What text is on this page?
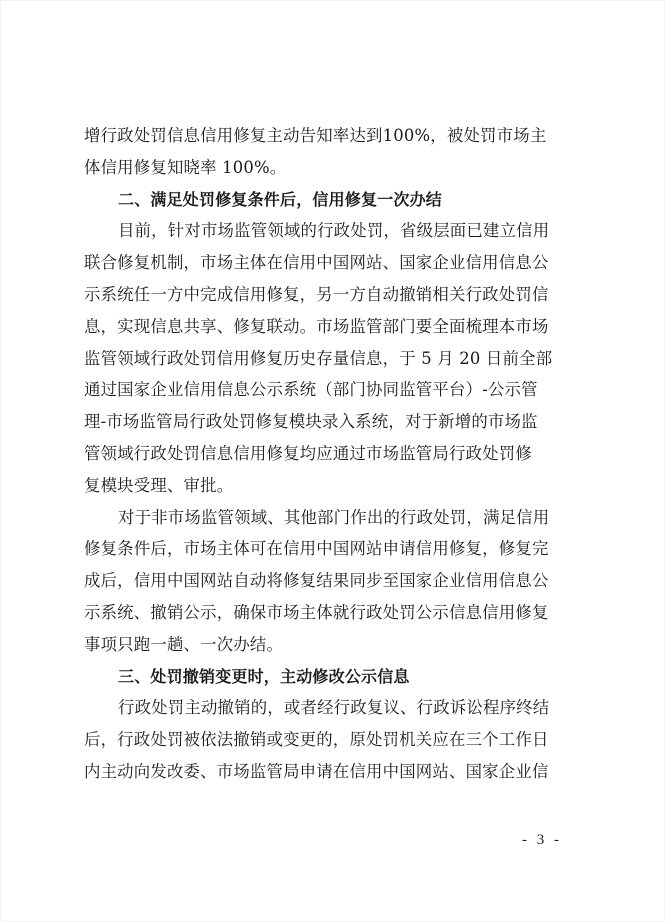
增行政处罚信息信用修复主动告知率达到100%，被处罚市场主
体信用修复知晓率 100%。
二、满足处罚修复条件后，信用修复一次办结
目前，针对市场监管领域的行政处罚，省级层面已建立信用
联合修复机制，市场主体在信用中国网站、国家企业信用信息公
示系统任一方中完成信用修复，另一方自动撤销相关行政处罚信
息，实现信息共享、修复联动。市场监管部门要全面梳理本市场
监管领域行政处罚信用修复历史存量信息，于 5 月 20 日前全部
通过国家企业信用信息公示系统（部门协同监管平台）-公示管
理-市场监管局行政处罚修复模块录入系统，对于新增的市场监
管领域行政处罚信息信用修复均应通过市场监管局行政处罚修
复模块受理、审批。
对于非市场监管领域、其他部门作出的行政处罚，满足信用
修复条件后，市场主体可在信用中国网站申请信用修复，修复完
成后，信用中国网站自动将修复结果同步至国家企业信用信息公
示系统、撤销公示，确保市场主体就行政处罚公示信息信用修复
事项只跑一趟、一次办结。
三、处罚撤销变更时，主动修改公示信息
行政处罚主动撤销的，或者经行政复议、行政诉讼程序终结
后，行政处罚被依法撤销或变更的，原处罚机关应在三个工作日
内主动向发改委、市场监管局申请在信用中国网站、国家企业信
- 3 -
